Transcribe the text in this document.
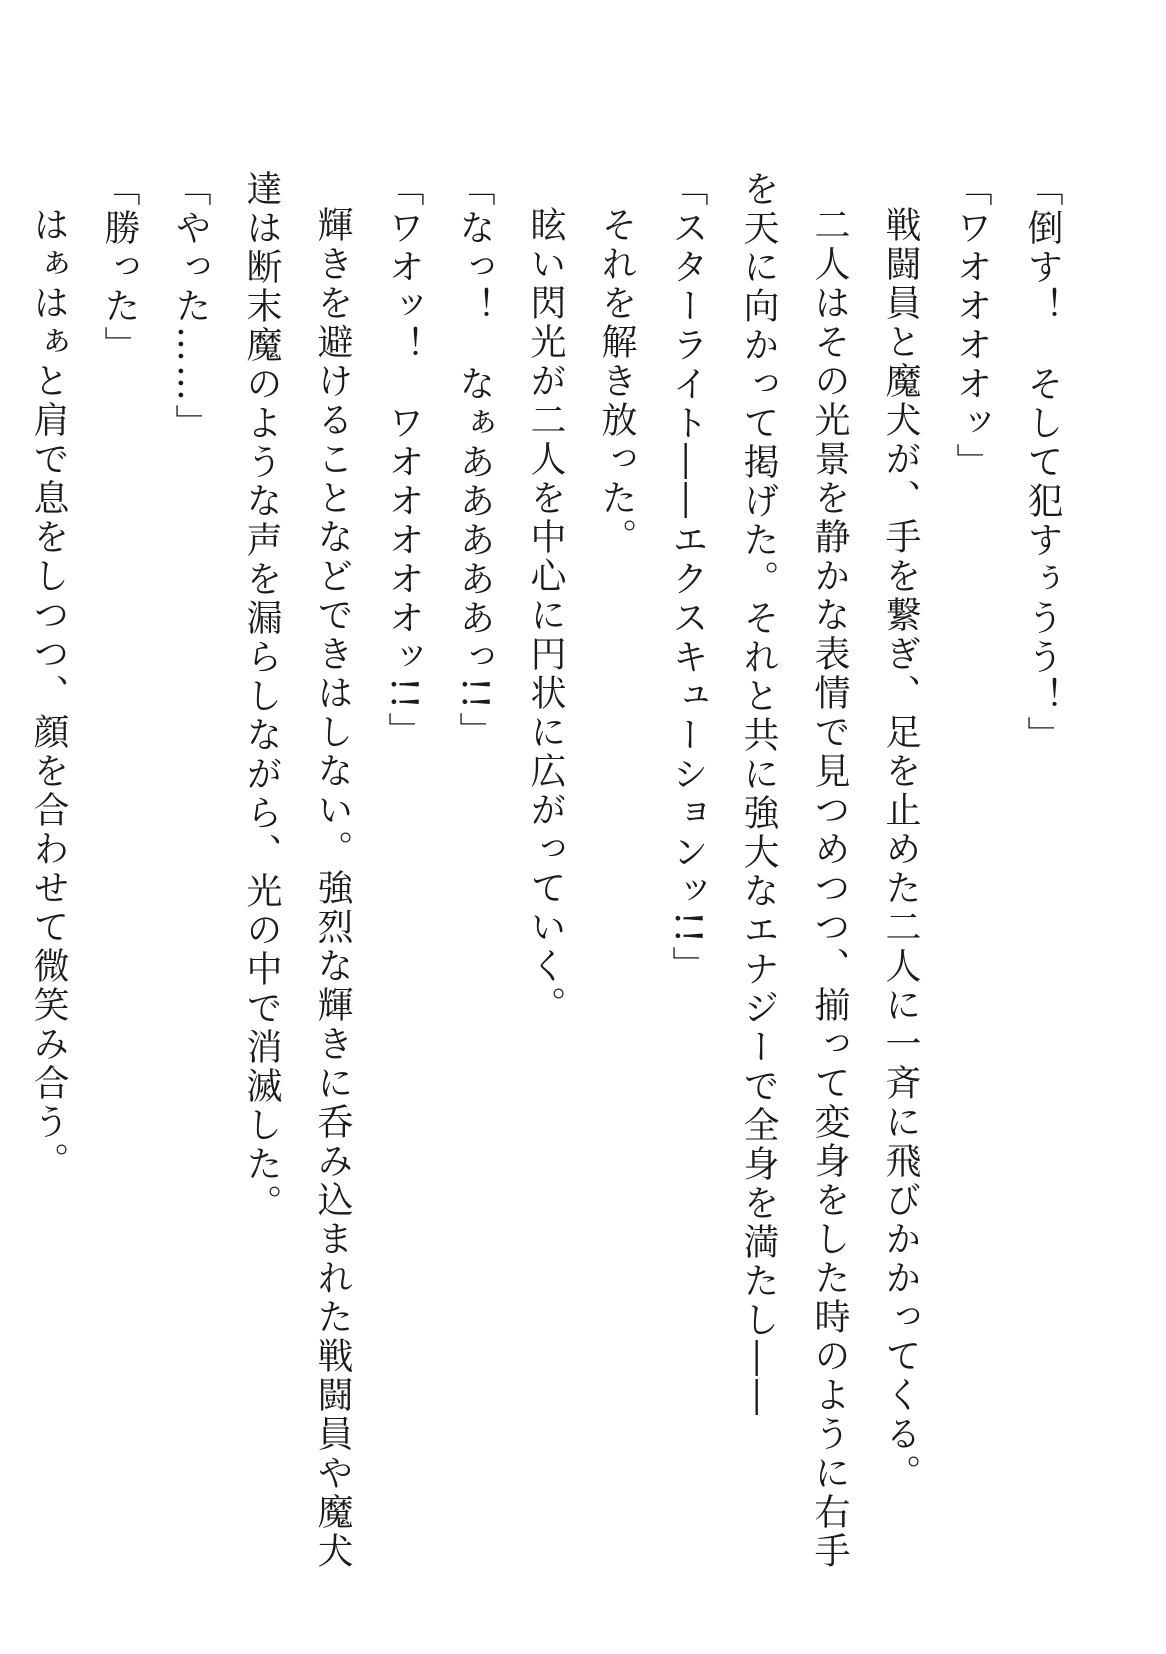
「倒す！　そして犯すぅうう！」
「ワオオオオッ」
戦闘員と魔犬が、手を繋ぎ、足を止めた二人に一斉に飛びかかってくる。
二人はその光景を静かな表情で見つめつつ、揃って変身をした時のように右手
を天に向かって掲げた。それと共に強大なエナジーで全身を満たし――
「スターライト――エクスキューションッ!!」
それを解き放った。
眩い閃光が二人を中心に円状に広がっていく。
「なっ！　なぁあああああっ!!」
「ワオッ！　ワオオオオオッ!!」
輝きを避けることなどできはしない。強烈な輝きに呑み込まれた戦闘員や魔犬
達は断末魔のような声を漏らしながら、光の中で消滅した。
「やった……」
「勝った」
はぁはぁと肩で息をしつつ、顔を合わせて微笑み合う。
